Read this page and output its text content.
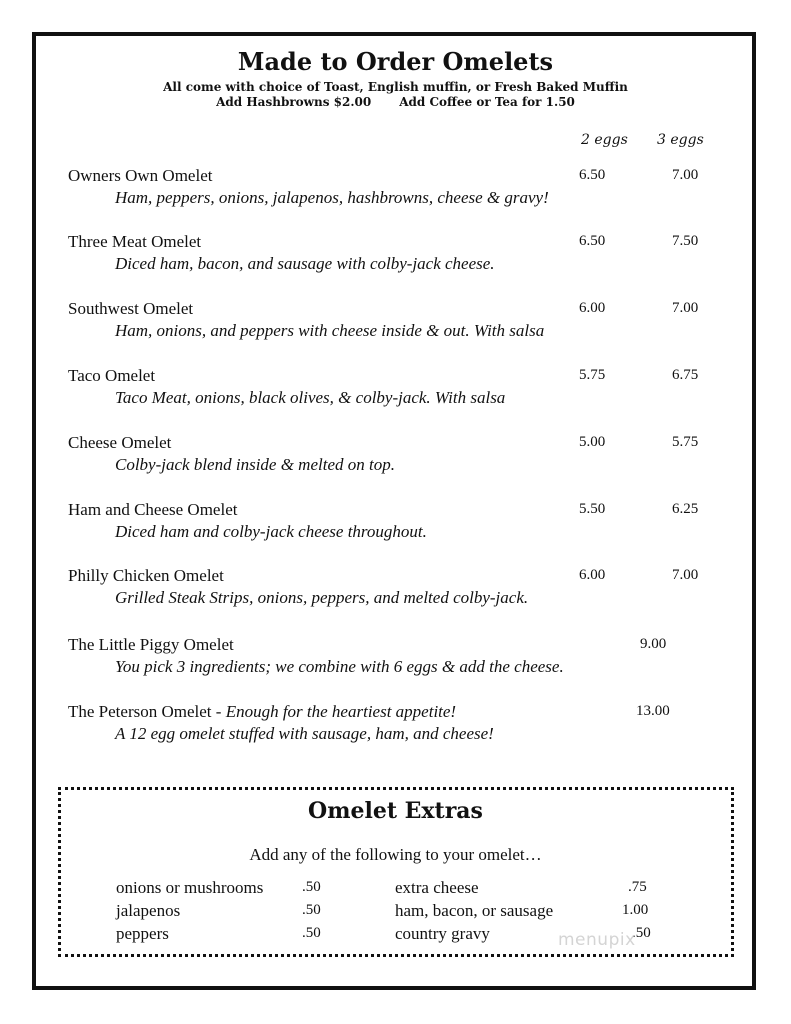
Made to Order Omelets
All come with choice of Toast, English muffin, or Fresh Baked Muffin
Add Hashbrowns $2.00 Add Coffee or Tea for 1.50
2 eggs 3 eggs
Owners Own Omelet
Ham, peppers, onions, jalapenos, hashbrowns, cheese & gravy!
6.50	7.00
Three Meat Omelet
Diced ham, bacon, and sausage with colby-jack cheese.
6.50	7.50
Southwest Omelet
Ham, onions, and peppers with cheese inside & out. With salsa
6.00	7.00
Taco Omelet
Taco Meat, onions, black olives, & colby-jack. With salsa
5.75	6.75
Cheese Omelet
Colby-jack blend inside & melted on top.
5.00	5.75
Ham and Cheese Omelet
Diced ham and colby-jack cheese throughout.
5.50	6.25
Philly Chicken Omelet
Grilled Steak Strips, onions, peppers, and melted colby-jack.
6.00	7.00
The Little Piggy Omelet
You pick 3 ingredients; we combine with 6 eggs & add the cheese.
9.00
The Peterson Omelet - Enough for the heartiest appetite!
A 12 egg omelet stuffed with sausage, ham, and cheese!
13.00
Omelet Extras
Add any of the following to your omelet…
onions or mushrooms	.50	extra cheese	.75
jalapenos	.50	ham, bacon, or sausage	1.00
peppers	.50	country gravy	.50
menupix
